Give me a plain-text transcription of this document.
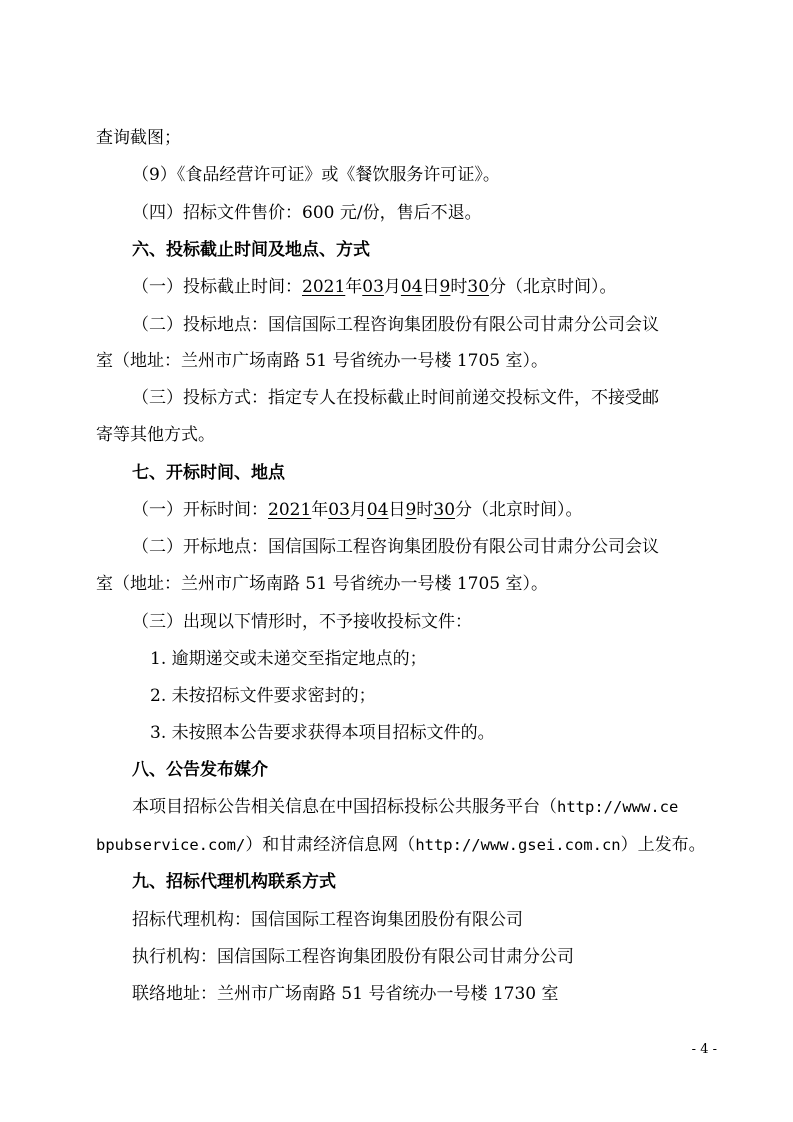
查询截图；
（9）《食品经营许可证》或《餐饮服务许可证》。
（四）招标文件售价：600 元/份，售后不退。
六、投标截止时间及地点、方式
（一）投标截止时间：2021年03月04日9时30分（北京时间）。
（二）投标地点：国信国际工程咨询集团股份有限公司甘肃分公司会议
室（地址：兰州市广场南路 51 号省统办一号楼 1705 室）。
（三）投标方式：指定专人在投标截止时间前递交投标文件，不接受邮
寄等其他方式。
七、开标时间、地点
（一）开标时间：2021年03月04日9时30分（北京时间）。
（二）开标地点：国信国际工程咨询集团股份有限公司甘肃分公司会议
室（地址：兰州市广场南路 51 号省统办一号楼 1705 室）。
（三）出现以下情形时，不予接收投标文件：
1. 逾期递交或未递交至指定地点的；
2. 未按招标文件要求密封的；
3. 未按照本公告要求获得本项目招标文件的。
八、公告发布媒介
本项目招标公告相关信息在中国招标投标公共服务平台（http://www.ce
bpubservice.com/）和甘肃经济信息网（http://www.gsei.com.cn）上发布。
九、招标代理机构联系方式
招标代理机构：国信国际工程咨询集团股份有限公司
执行机构：国信国际工程咨询集团股份有限公司甘肃分公司
联络地址：兰州市广场南路 51 号省统办一号楼 1730 室
- 4 -
